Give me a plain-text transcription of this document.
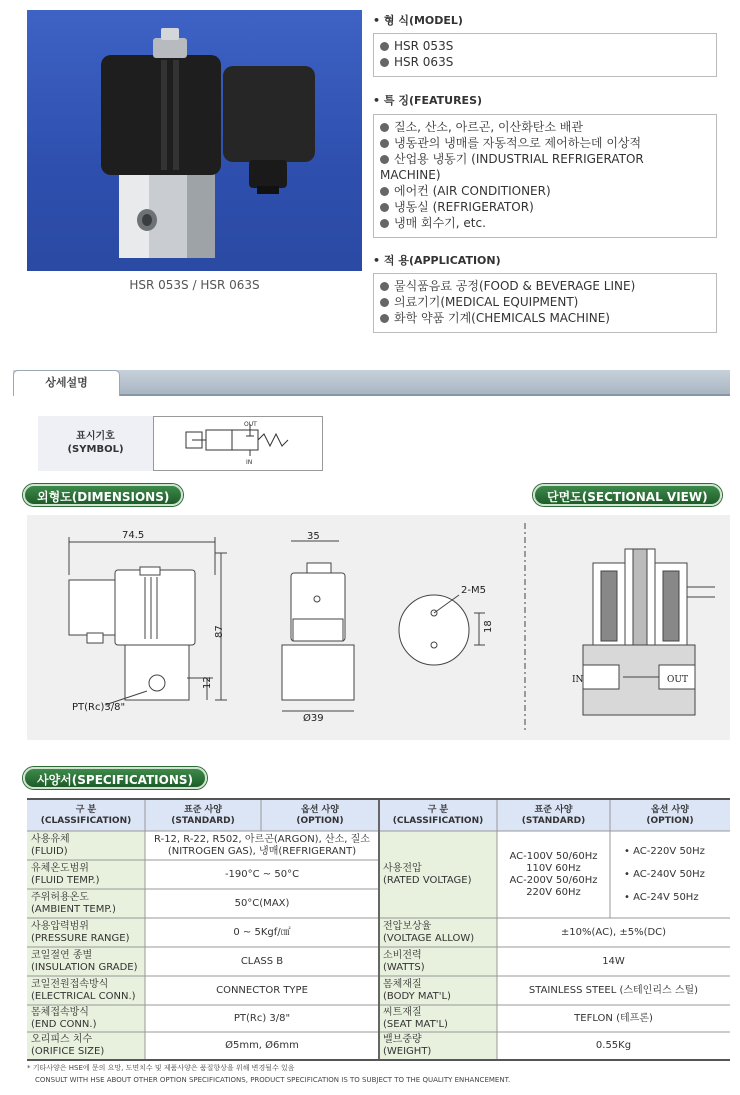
HSR 053S / HSR 063S
• 형 식(MODEL)
HSR 053S
HSR 063S
• 특 징(FEATURES)
질소, 산소, 아르곤, 이산화탄소 배관
냉동관의 냉매를 자동적으로 제어하는데 이상적
산업용 냉동기 (INDUSTRIAL REFRIGERATOR
MACHINE)
에어컨 (AIR CONDITIONER)
냉동실 (REFRIGERATOR)
냉매 회수기, etc.
• 적 용(APPLICATION)
물식품음료 공정(FOOD & BEVERAGE LINE)
의료기기(MEDICAL EQUIPMENT)
화학 약품 기계(CHEMICALS MACHINE)
상세설명
표시기호
(SYMBOL)
OUT
IN
외형도(DIMENSIONS)	단면도(SECTIONAL VIEW)
74.5
87
PT(Rc)3/8"
12
35
Ø39
2-M5
18
IN	OUT
사양서(SPECIFICATIONS)
구 분
(CLASSIFICATION)
표준 사양
(STANDARD)
옵션 사양
(OPTION)
구 분
(CLASSIFICATION)
표준 사양
(STANDARD)
옵션 사양
(OPTION)
사용유체
(FLUID)
R-12, R-22, R502, 아르곤(ARGON), 산소, 질소
(NITROGEN GAS), 냉매(REFRIGERANT)
유체온도범위
(FLUID TEMP.)
-190°C ~ 50°C
주위허용온도
(AMBIENT TEMP.)
50°C(MAX)
사용압력범위
(PRESSURE RANGE)
0 ~ 5Kgf/㎠
코일절연 종별
(INSULATION GRADE)
CLASS B
코일전원접속방식
(ELECTRICAL CONN.)
CONNECTOR TYPE
몸체접속방식
(END CONN.)
PT(Rc) 3/8"
오리피스 치수
(ORIFICE SIZE)
Ø5mm, Ø6mm
사용전압
(RATED VOLTAGE)
AC-100V 50/60Hz
110V 60Hz
AC-200V 50/60Hz
220V 60Hz
• AC-220V 50Hz
• AC-240V 50Hz
• AC-24V 50Hz
전압보상율
(VOLTAGE ALLOW)
±10%(AC), ±5%(DC)
소비전력
(WATTS)
14W
몸체재질
(BODY MAT'L)
STAINLESS STEEL (스테인리스 스틸)
씨트재질
(SEAT MAT'L)
TEFLON (테프론)
밸브중량
(WEIGHT)
0.55Kg
* 기타사양은 HSE에 문의 요망, 도면치수 및 제품사양은 품질향상을 위해 변경될수 있음
CONSULT WITH HSE ABOUT OTHER OPTION SPECIFICATIONS, PRODUCT SPECIFICATION IS TO SUBJECT TO THE QUALITY ENHANCEMENT.
